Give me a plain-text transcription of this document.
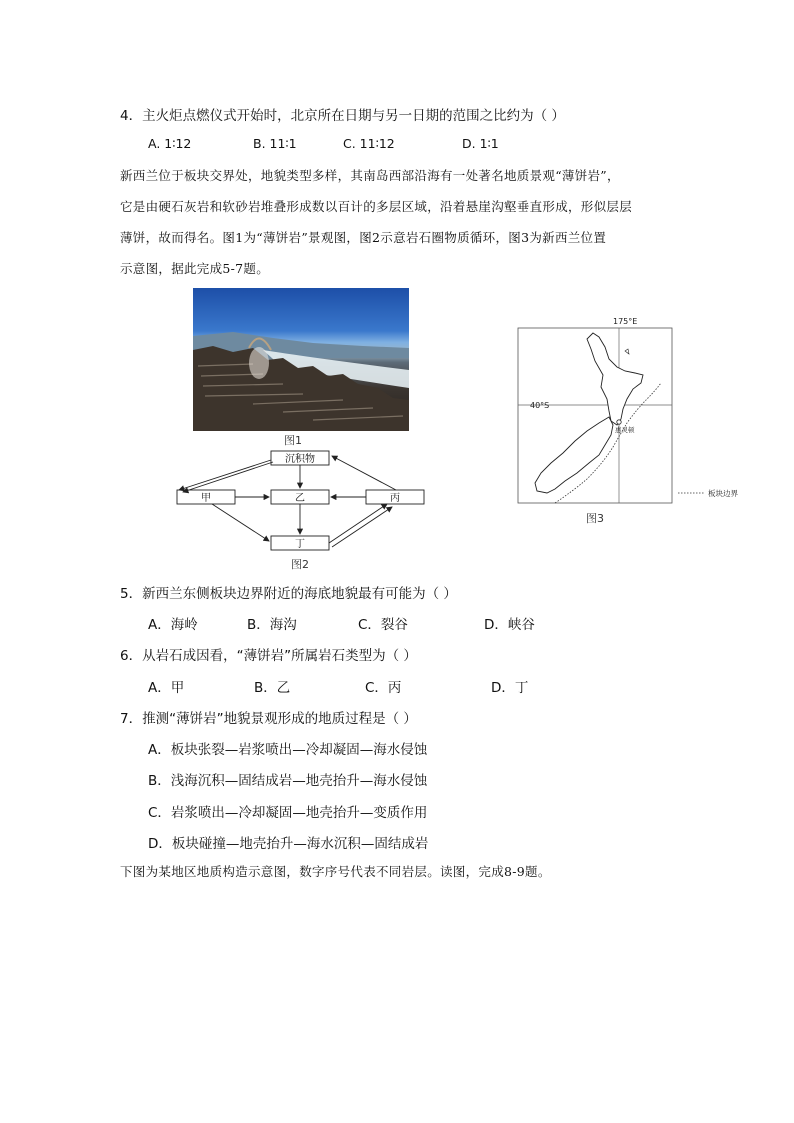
4．主火炬点燃仪式开始时，北京所在日期与另一日期的范围之比约为（ ）
A. 1∶12	B. 11∶1	C. 11∶12	D. 1∶1
新西兰位于板块交界处，地貌类型多样，其南岛西部沿海有一处著名地质景观“薄饼岩”，
它是由硬石灰岩和软砂岩堆叠形成数以百计的多层区域，沿着悬崖沟壑垂直形成，形似层层
薄饼，故而得名。图1为“薄饼岩”景观图，图2示意岩石圈物质循环，图3为新西兰位置
示意图，据此完成5-7题。
图1
沉积物
甲	乙	丙
丁
图2
175°E
40°S
惠灵顿
板块边界
图3
5．新西兰东侧板块边界附近的海底地貌最有可能为（ ）
A．海岭	B．海沟	C．裂谷	D．峡谷
6．从岩石成因看，“薄饼岩”所属岩石类型为（ ）
A．甲	B．乙	C．丙	D．丁
7．推测“薄饼岩”地貌景观形成的地质过程是（ ）
A．板块张裂—岩浆喷出—冷却凝固—海水侵蚀
B．浅海沉积—固结成岩—地壳抬升—海水侵蚀
C．岩浆喷出—冷却凝固—地壳抬升—变质作用
D．板块碰撞—地壳抬升—海水沉积—固结成岩
下图为某地区地质构造示意图，数字序号代表不同岩层。读图，完成8-9题。
